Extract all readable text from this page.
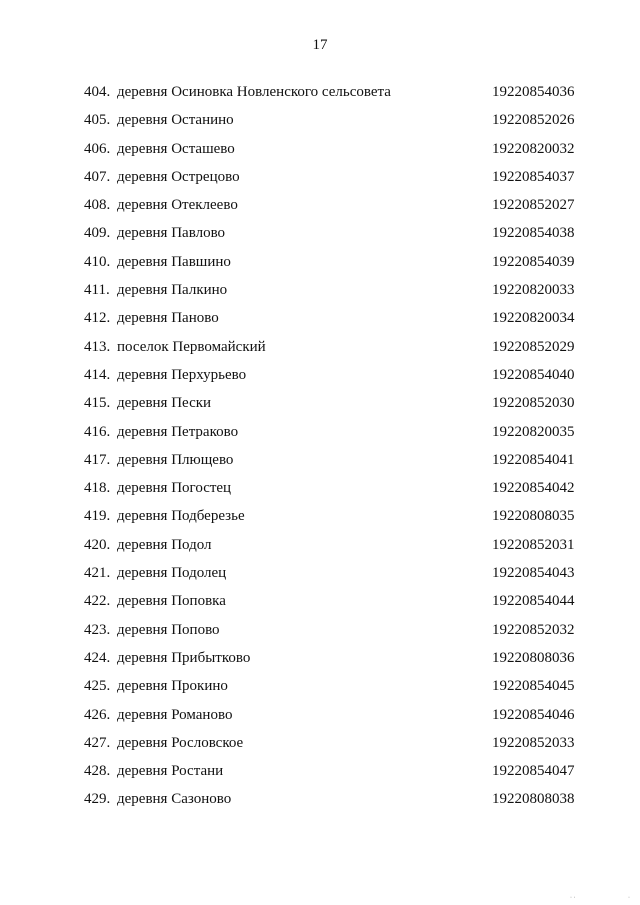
17
404. деревня Осиновка Новленского сельсовета	19220854036
405. деревня Останино	19220852026
406. деревня Осташево	19220820032
407. деревня Острецово	19220854037
408. деревня Отеклеево	19220852027
409. деревня Павлово	19220854038
410. деревня Павшино	19220854039
411. деревня Палкино	19220820033
412. деревня Паново	19220820034
413. поселок Первомайский	19220852029
414. деревня Перхурьево	19220854040
415. деревня Пески	19220852030
416. деревня Петраково	19220820035
417. деревня Плющево	19220854041
418. деревня Погостец	19220854042
419. деревня Подберезье	19220808035
420. деревня Подол	19220852031
421. деревня Подолец	19220854043
422. деревня Поповка	19220854044
423. деревня Попово	19220852032
424. деревня Прибытково	19220808036
425. деревня Прокино	19220854045
426. деревня Романово	19220854046
427. деревня Рословское	19220852033
428. деревня Ростани	19220854047
429. деревня Сазоново	19220808038
· ·	·
